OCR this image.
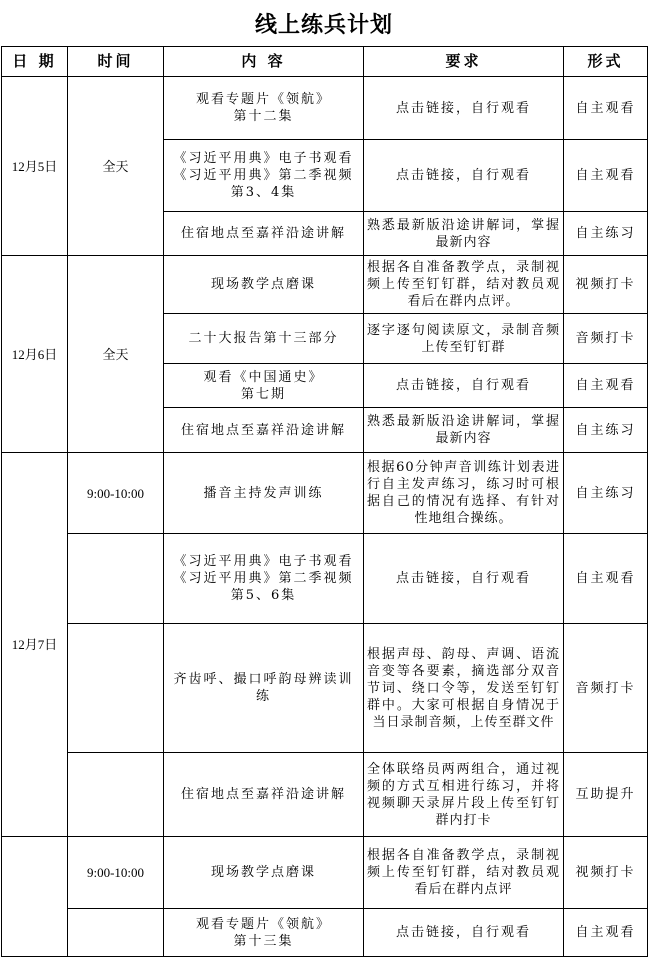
线上练兵计划
日 期	时间	内 容	要求	形式
12月5日	全天	观看专题片《领航》第十二集	点击链接，自行观看	自主观看
		《习近平用典》电子书观看《习近平用典》第二季视频第3、4集	点击链接，自行观看	自主观看
		住宿地点至嘉祥沿途讲解	熟悉最新版沿途讲解词，掌握最新内容	自主练习
12月6日	全天	现场教学点磨课	根据各自准备教学点，录制视频上传至钉钉群，结对教员观看后在群内点评。	视频打卡
		二十大报告第十三部分	逐字逐句阅读原文，录制音频上传至钉钉群	音频打卡
		观看《中国通史》第七期	点击链接，自行观看	自主观看
		住宿地点至嘉祥沿途讲解	熟悉最新版沿途讲解词，掌握最新内容	自主练习
12月7日	9:00-10:00	播音主持发声训练	根据60分钟声音训练计划表进行自主发声练习，练习时可根据自己的情况有选择、有针对性地组合操练。	自主练习
		《习近平用典》电子书观看《习近平用典》第二季视频第5、6集	点击链接，自行观看	自主观看
		齐齿呼、撮口呼韵母辨读训练	根据声母、韵母、声调、语流音变等各要素，摘选部分双音节词、绕口令等，发送至钉钉群中。大家可根据自身情况于当日录制音频，上传至群文件	音频打卡
		住宿地点至嘉祥沿途讲解	全体联络员两两组合，通过视频的方式互相进行练习，并将视频聊天录屏片段上传至钉钉群内打卡	互助提升
	9:00-10:00	现场教学点磨课	根据各自准备教学点，录制视频上传至钉钉群，结对教员观看后在群内点评	视频打卡
		观看专题片《领航》第十三集	点击链接，自行观看	自主观看
